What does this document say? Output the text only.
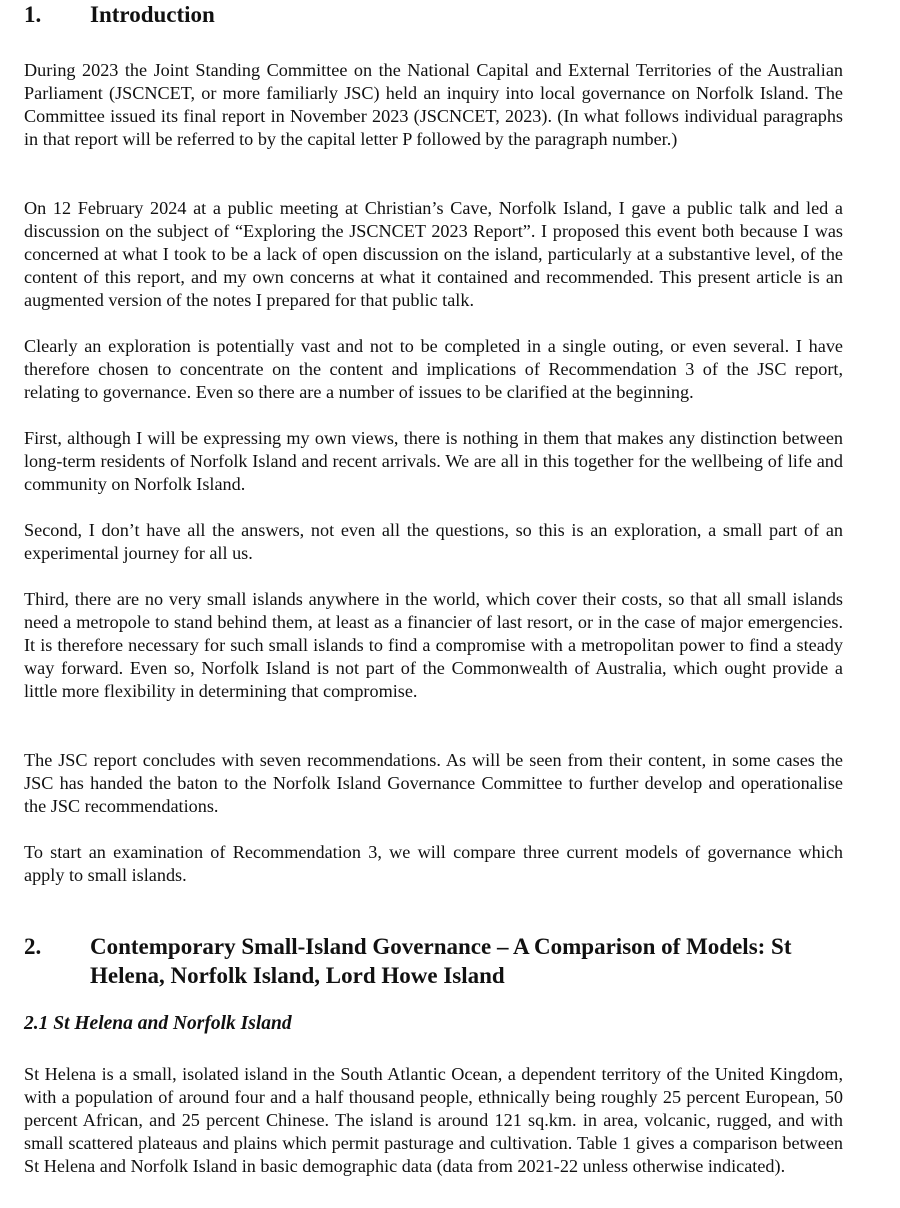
1.	Introduction

During 2023 the Joint Standing Committee on the National Capital and External Territories of the Australian Parliament (JSCNCET, or more familiarly JSC) held an inquiry into local governance on Norfolk Island. The Committee issued its final report in November 2023 (JSCNCET, 2023). (In what follows individual paragraphs in that report will be referred to by the capital letter P followed by the paragraph number.)

On 12 February 2024 at a public meeting at Christian’s Cave, Norfolk Island, I gave a public talk and led a discussion on the subject of “Exploring the JSCNCET 2023 Report”. I proposed this event both because I was concerned at what I took to be a lack of open discussion on the island, particularly at a substantive level, of the content of this report, and my own concerns at what it contained and recommended. This present article is an augmented version of the notes I prepared for that public talk.

Clearly an exploration is potentially vast and not to be completed in a single outing, or even several. I have therefore chosen to concentrate on the content and implications of Recommendation 3 of the JSC report, relating to governance. Even so there are a number of issues to be clarified at the beginning.

First, although I will be expressing my own views, there is nothing in them that makes any distinction between long-term residents of Norfolk Island and recent arrivals. We are all in this together for the wellbeing of life and community on Norfolk Island.

Second, I don’t have all the answers, not even all the questions, so this is an exploration, a small part of an experimental journey for all us.

Third, there are no very small islands anywhere in the world, which cover their costs, so that all small islands need a metropole to stand behind them, at least as a financier of last resort, or in the case of major emergencies. It is therefore necessary for such small islands to find a compromise with a metropolitan power to find a steady way forward. Even so, Norfolk Island is not part of the Commonwealth of Australia, which ought provide a little more flexibility in determining that compromise.

The JSC report concludes with seven recommendations. As will be seen from their content, in some cases the JSC has handed the baton to the Norfolk Island Governance Committee to further develop and operationalise the JSC recommendations.

To start an examination of Recommendation 3, we will compare three current models of governance which apply to small islands.

2.	Contemporary Small-Island Governance – A Comparison of Models: St Helena, Norfolk Island, Lord Howe Island

2.1 St Helena and Norfolk Island

St Helena is a small, isolated island in the South Atlantic Ocean, a dependent territory of the United Kingdom, with a population of around four and a half thousand people, ethnically being roughly 25 percent European, 50 percent African, and 25 percent Chinese. The island is around 121 sq.km. in area, volcanic, rugged, and with small scattered plateaus and plains which permit pasturage and cultivation. Table 1 gives a comparison between St Helena and Norfolk Island in basic demographic data (data from 2021-22 unless otherwise indicated).
